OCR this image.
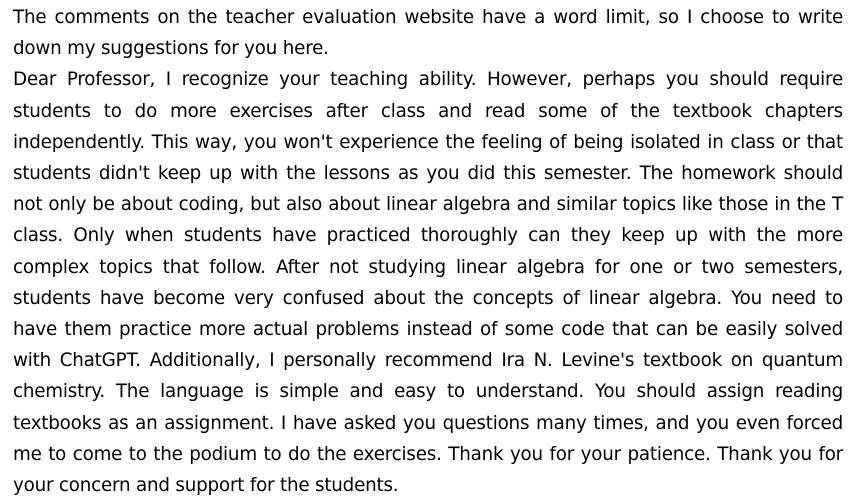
The comments on the teacher evaluation website have a word limit, so I choose to write down my suggestions for you here.

Dear Professor, I recognize your teaching ability. However, perhaps you should require students to do more exercises after class and read some of the textbook chapters independently. This way, you won't experience the feeling of being isolated in class or that students didn't keep up with the lessons as you did this semester. The homework should not only be about coding, but also about linear algebra and similar topics like those in the T class. Only when students have practiced thoroughly can they keep up with the more complex topics that follow. After not studying linear algebra for one or two semesters, students have become very confused about the concepts of linear algebra. You need to have them practice more actual problems instead of some code that can be easily solved with ChatGPT. Additionally, I personally recommend Ira N. Levine's textbook on quantum chemistry. The language is simple and easy to understand. You should assign reading textbooks as an assignment. I have asked you questions many times, and you even forced me to come to the podium to do the exercises. Thank you for your patience. Thank you for your concern and support for the students.
